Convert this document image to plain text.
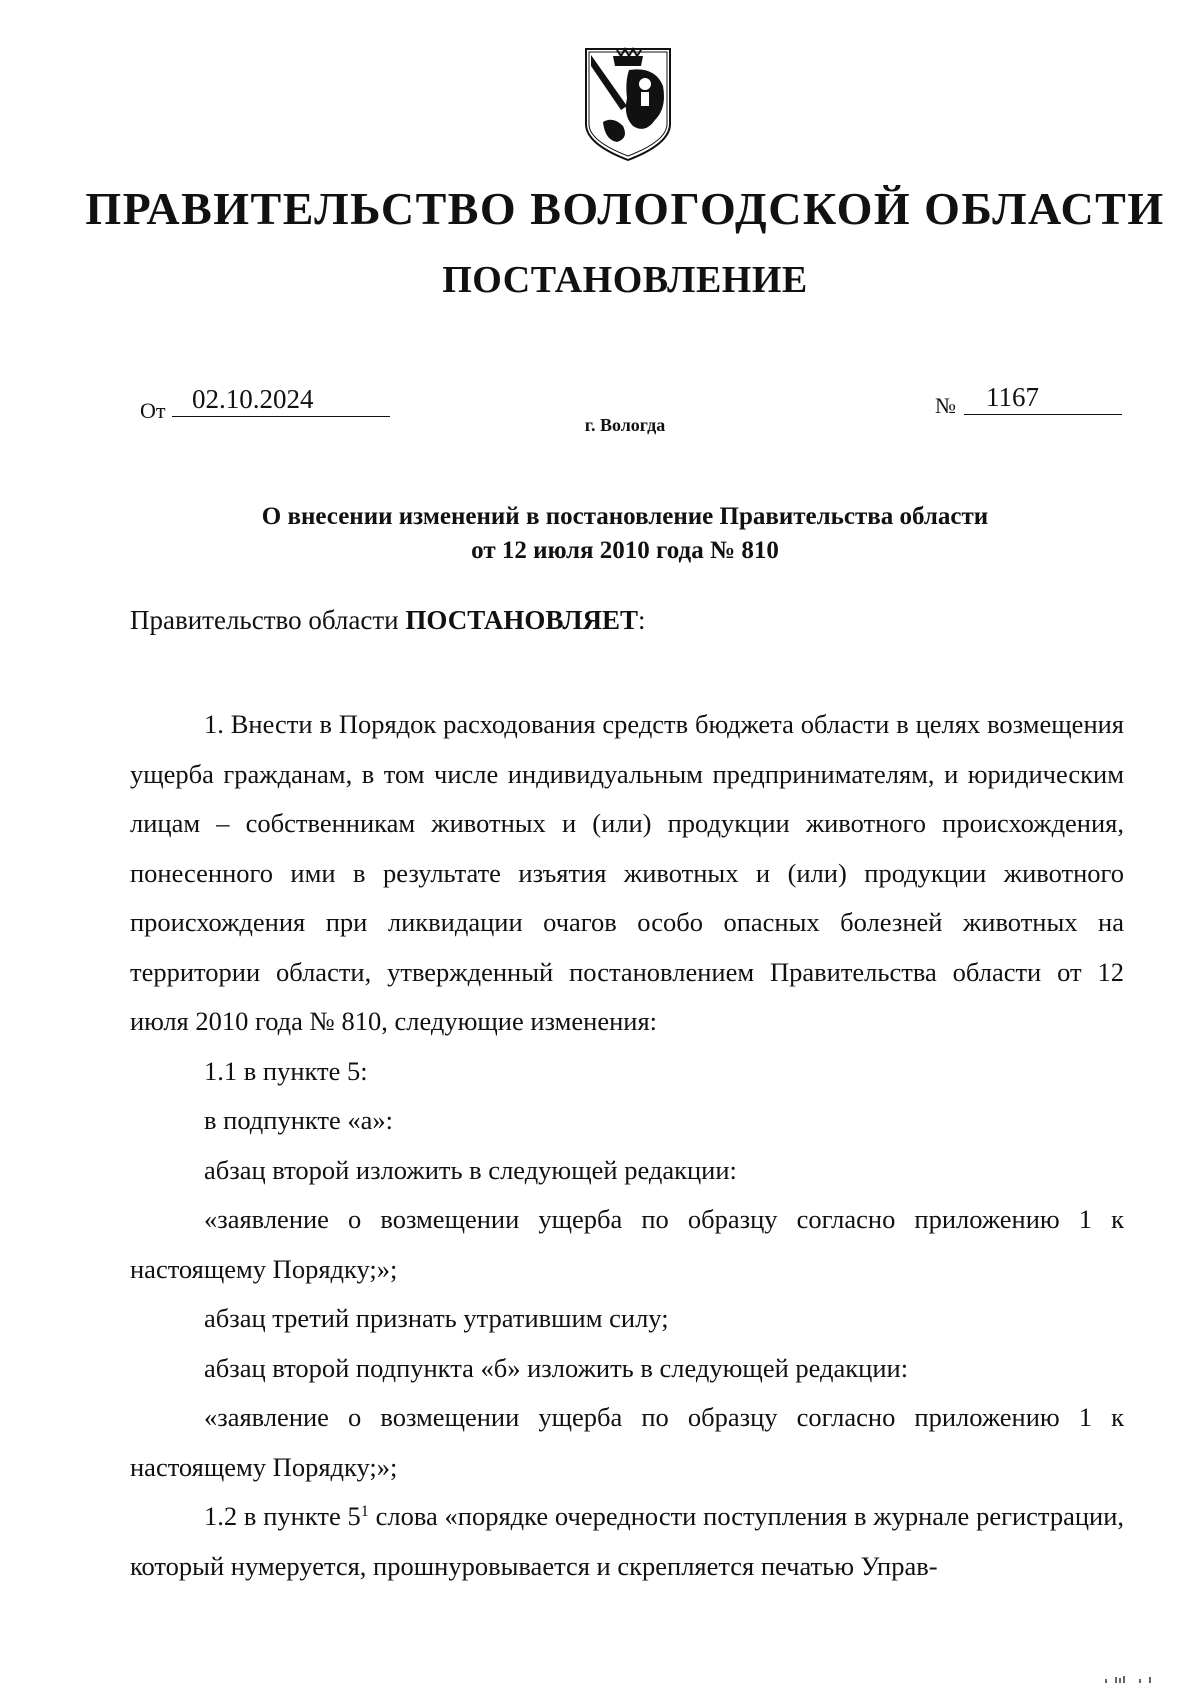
ПРАВИТЕЛЬСТВО ВОЛОГОДСКОЙ ОБЛАСТИ
ПОСТАНОВЛЕНИЕ
От 02.10.2024	№ 1167
г. Вологда
О внесении изменений в постановление Правительства области
от 12 июля 2010 года № 810
Правительство области ПОСТАНОВЛЯЕТ:

1. Внести в Порядок расходования средств бюджета области в целях возмещения ущерба гражданам, в том числе индивидуальным предпринимателям, и юридическим лицам – собственникам животных и (или) продукции животного происхождения, понесенного ими в результате изъятия животных и (или) продукции животного происхождения при ликвидации очагов особо опасных болезней животных на территории области, утвержденный постановлением Правительства области от 12 июля 2010 года № 810, следующие изменения:

1.1 в пункте 5:

в подпункте «а»:

абзац второй изложить в следующей редакции:

«заявление о возмещении ущерба по образцу согласно приложению 1 к настоящему Порядку;»;

абзац третий признать утратившим силу;

абзац второй подпункта «б» изложить в следующей редакции:

«заявление о возмещении ущерба по образцу согласно приложению 1 к настоящему Порядку;»;

1.2 в пункте $5^1$ слова «порядке очередности поступления в журнале регистрации, который нумеруется, прошнуровывается и скрепляется печатью Управ-
